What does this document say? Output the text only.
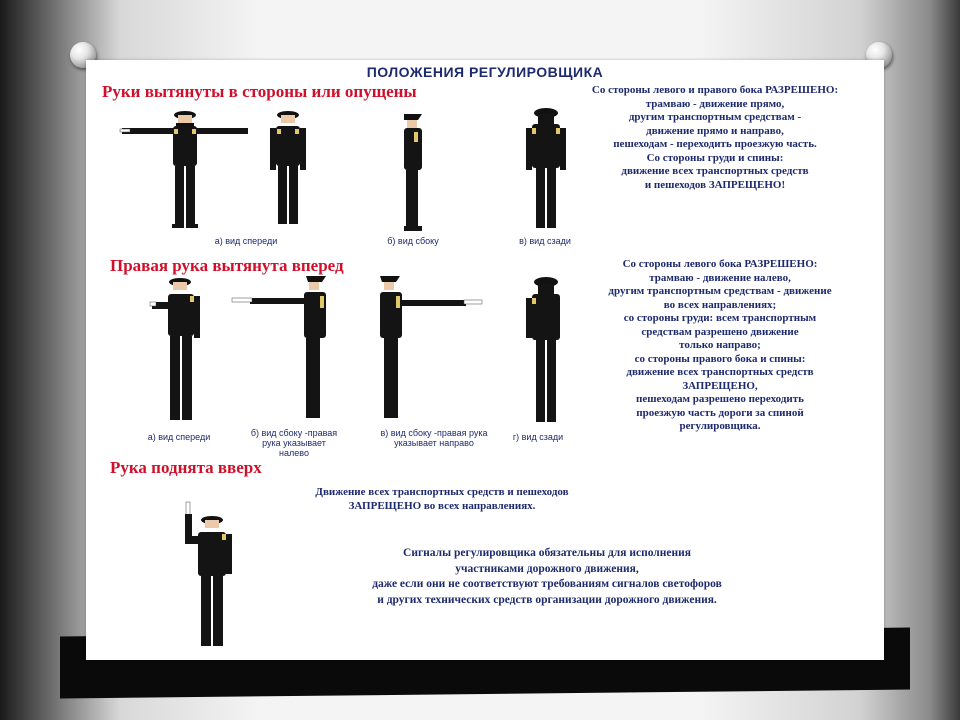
ПОЛОЖЕНИЯ РЕГУЛИРОВЩИКА
Руки вытянуты в стороны или опущены
а) вид спереди	б) вид сбоку	в) вид сзади
Со стороны левого и правого бока РАЗРЕШЕНО:
трамваю - движение прямо,
другим транспортным средствам -
движение прямо и направо,
пешеходам - переходить проезжую часть.
Со стороны груди и спины:
движение всех транспортных средств
и пешеходов ЗАПРЕЩЕНО!
Правая рука вытянута вперед
а) вид спереди	б) вид сбоку -правая рука указывает налево
в) вид сбоку -правая рука указывает направо
г) вид сзади
Со стороны левого бока РАЗРЕШЕНО:
трамваю - движение налево,
другим транспортным средствам - движение
во всех направлениях;
со стороны груди: всем транспортным
средствам разрешено движение
только направо;
со стороны правого бока и спины:
движение всех транспортных средств
ЗАПРЕЩЕНО,
пешеходам разрешено переходить
проезжую часть дороги за спиной
регулировщика.
Рука поднята вверх
Движение всех транспортных средств и пешеходов
ЗАПРЕЩЕНО во всех направлениях.
Сигналы регулировщика обязательны для исполнения
участниками дорожного движения,
даже если они не соответствуют требованиям сигналов светофоров
и других технических средств организации дорожного движения.
